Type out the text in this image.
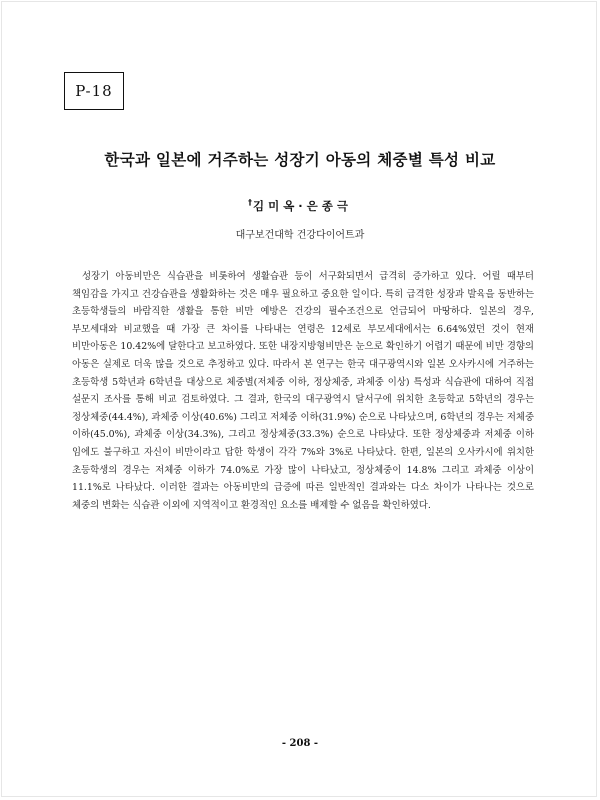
P-18
한국과 일본에 거주하는 성장기 아동의 체중별 특성 비교
†김미옥·은종극
대구보건대학 건강다이어트과

성장기 아동비만은 식습관을 비롯하여 생활습관 등이 서구화되면서 급격히 증가하고 있다. 어릴 때부터 책임감을 가지고 건강습관을 생활화하는 것은 매우 필요하고 중요한 일이다. 특히 급격한 성장과 발육을 동반하는 초등학생들의 바람직한 생활을 통한 비만 예방은 건강의 필수조건으로 언급되어 마땅하다. 일본의 경우, 부모세대와 비교했을 때 가장 큰 차이를 나타내는 연령은 12세로 부모세대에서는 6.64%였던 것이 현재 비만아동은 10.42%에 달한다고 보고하였다. 또한 내장지방형비만은 눈으로 확인하기 어렵기 때문에 비만 경향의 아동은 실제로 더욱 많을 것으로 추정하고 있다. 따라서 본 연구는 한국 대구광역시와 일본 오사카시에 거주하는 초등학생 5학년과 6학년을 대상으로 체중별(저체중 이하, 정상체중, 과체중 이상) 특성과 식습관에 대하여 직접 설문지 조사를 통해 비교 검토하였다. 그 결과, 한국의 대구광역시 달서구에 위치한 초등학교 5학년의 경우는 정상체중(44.4%), 과체중 이상(40.6%) 그리고 저체중 이하(31.9%) 순으로 나타났으며, 6학년의 경우는 저체중 이하(45.0%), 과체중 이상(34.3%), 그리고 정상체중(33.3%) 순으로 나타났다. 또한 정상체중과 저체중 이하 임에도 불구하고 자신이 비만이라고 답한 학생이 각각 7%와 3%로 나타났다. 한편, 일본의 오사카시에 위치한 초등학생의 경우는 저체중 이하가 74.0%로 가장 많이 나타났고, 정상체중이 14.8% 그리고 과체중 이상이 11.1%로 나타났다. 이러한 결과는 아동비만의 급증에 따른 일반적인 결과와는 다소 차이가 나타나는 것으로 체중의 변화는 식습관 이외에 지역적이고 환경적인 요소를 배제할 수 없음을 확인하였다.

- 208 -
